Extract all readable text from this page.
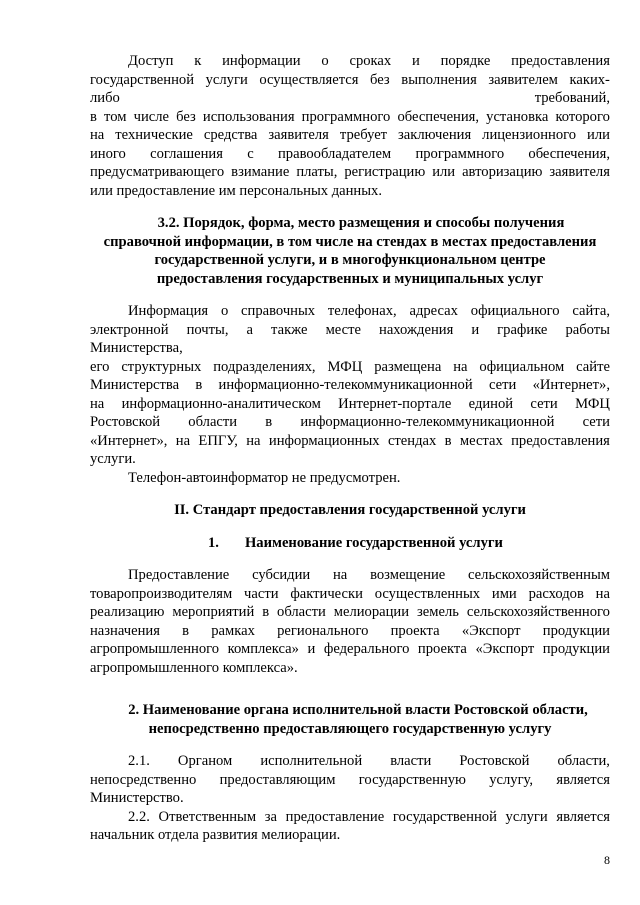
Доступ к информации о сроках и порядке предоставления
государственной услуги осуществляется без выполнения заявителем каких-
либо	требований,
в том числе без использования программного обеспечения, установка которого
на технические средства заявителя требует заключения лицензионного или
иного соглашения с правообладателем программного обеспечения,
предусматривающего взимание платы, регистрацию или авторизацию заявителя
или предоставление им персональных данных.
3.2. Порядок, форма, место размещения и способы получения
справочной информации, в том числе на стендах в местах предоставления
государственной услуги, и в многофункциональном центре
предоставления государственных и муниципальных услуг
Информация о справочных телефонах, адресах официального сайта,
электронной почты, а также месте нахождения и графике работы
Министерства,
его структурных подразделениях, МФЦ размещена на официальном сайте
Министерства в информационно-телекоммуникационной сети «Интернет»,
на информационно-аналитическом Интернет-портале единой сети МФЦ
Ростовской области в информационно-телекоммуникационной сети
«Интернет», на ЕПГУ, на информационных стендах в местах предоставления
услуги.
Телефон-автоинформатор не предусмотрен.
II. Стандарт предоставления государственной услуги
1. Наименование государственной услуги
Предоставление субсидии на возмещение сельскохозяйственным
товаропроизводителям части фактически осуществленных ими расходов на
реализацию мероприятий в области мелиорации земель сельскохозяйственного
назначения в рамках регионального проекта «Экспорт продукции
агропромышленного комплекса» и федерального проекта «Экспорт продукции
агропромышленного комплекса».
2. Наименование органа исполнительной власти Ростовской области,
непосредственно предоставляющего государственную услугу
2.1. Органом исполнительной власти Ростовской области,
непосредственно предоставляющим государственную услугу, является
Министерство.
2.2. Ответственным за предоставление государственной услуги является
начальник отдела развития мелиорации.
8
